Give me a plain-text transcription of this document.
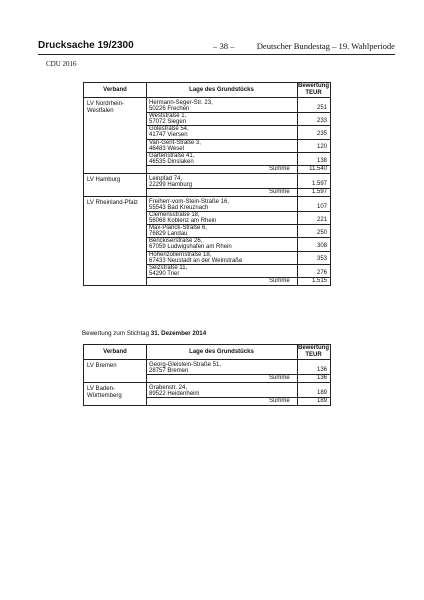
Drucksache 19/2300	– 38 –	Deutscher Bundestag – 19. Wahlperiode
CDU 2016
Verband	Lage des Grundstücks
Bewertung TEUR
LV Nordrhein-Westfalen
Hermann-Seger-Str. 23,
50226 Frechen	251
Weststraße 1,
57072 Siegen	233
Gölestraße 54,
41747 Viersen	235
Van-Gent-Straße 3,
46483 Wesel	120
Gartenstraße 41,
46535 Dinslaken	138
Summe	11.540
LV Hamburg	Leinpfad 74,
22299 Hamburg	1.597
Summe	1.597
LV Rheinland-Pfalz	Freiherr-vom-Stein-Straße 16,
55543 Bad Kreuznach	107
Clemensstraße 18,
56068 Koblenz am Rhein	221
Max-Planck-Straße 6,
76829 Landau	250
Benckiserstraße 26,
67059 Ludwigshafen am Rhein	308
Hohenzollernstraße 18,
67433 Neustadt an der Weinstraße	353
Seizstraße 11,
54290 Trier	276
Summe	1.515
Bewertung zum Stichtag 31. Dezember 2014
Verband	Lage des Grundstücks
Bewertung TEUR
LV Bremen	Georg-Gleistein-Straße 51,
28757 Bremen	136
Summe	136
LV Baden-Württemberg
Grabenstr. 24,
89522 Heidenheim	189
Summe	189
